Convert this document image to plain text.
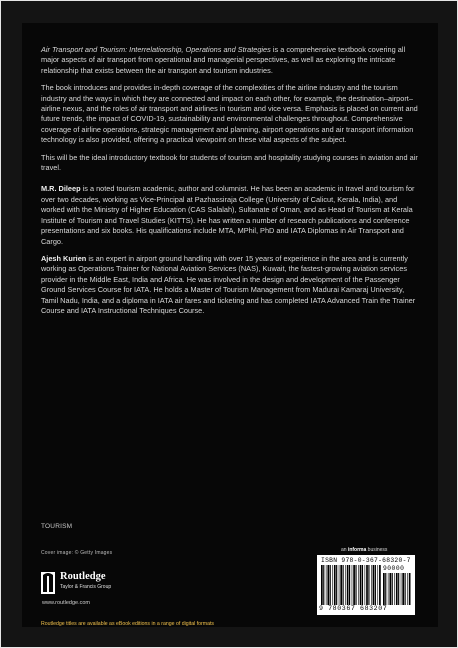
Air Transport and Tourism: Interrelationship, Operations and Strategies is a comprehensive textbook covering all major aspects of air transport from operational and managerial perspectives, as well as exploring the intricate relationship that exists between the air transport and tourism industries.

The book introduces and provides in-depth coverage of the complexities of the airline industry and the tourism industry and the ways in which they are connected and impact on each other, for example, the destination–airport–airline nexus, and the roles of air transport and airlines in tourism and vice versa. Emphasis is placed on current and future trends, the impact of COVID-19, sustainability and environmental challenges throughout. Comprehensive coverage of airline operations, strategic management and planning, airport operations and air transport information technology is also provided, offering a practical viewpoint on these vital aspects of the subject.

This will be the ideal introductory textbook for students of tourism and hospitality studying courses in aviation and air travel.

M.R. Dileep is a noted tourism academic, author and columnist. He has been an academic in travel and tourism for over two decades, working as Vice-Principal at Pazhassiraja College (University of Calicut, Kerala, India), and worked with the Ministry of Higher Education (CAS Salalah), Sultanate of Oman, and as Head of Tourism at Kerala Institute of Tourism and Travel Studies (KITTS). He has written a number of research publications and conference presentations and six books. His qualifications include MTA, MPhil, PhD and IATA Diplomas in Air Transport and Cargo.

Ajesh Kurien is an expert in airport ground handling with over 15 years of experience in the area and is currently working as Operations Trainer for National Aviation Services (NAS), Kuwait, the fastest-growing aviation services provider in the Middle East, India and Africa. He was involved in the design and development of the Passenger Ground Services Course for IATA. He holds a Master of Tourism Management from Madurai Kamaraj University, Tamil Nadu, India, and a diploma in IATA air fares and ticketing and has completed IATA Advanced Train the Trainer Course and IATA Instructional Techniques Course.

TOURISM
Cover image: © Getty Images
Routledge
Taylor & Francis Group
www.routledge.com
an informa business
ISBN 978-0-367-68320-7
90000
9 780367 683207
Routledge titles are available as eBook editions in a range of digital formats
